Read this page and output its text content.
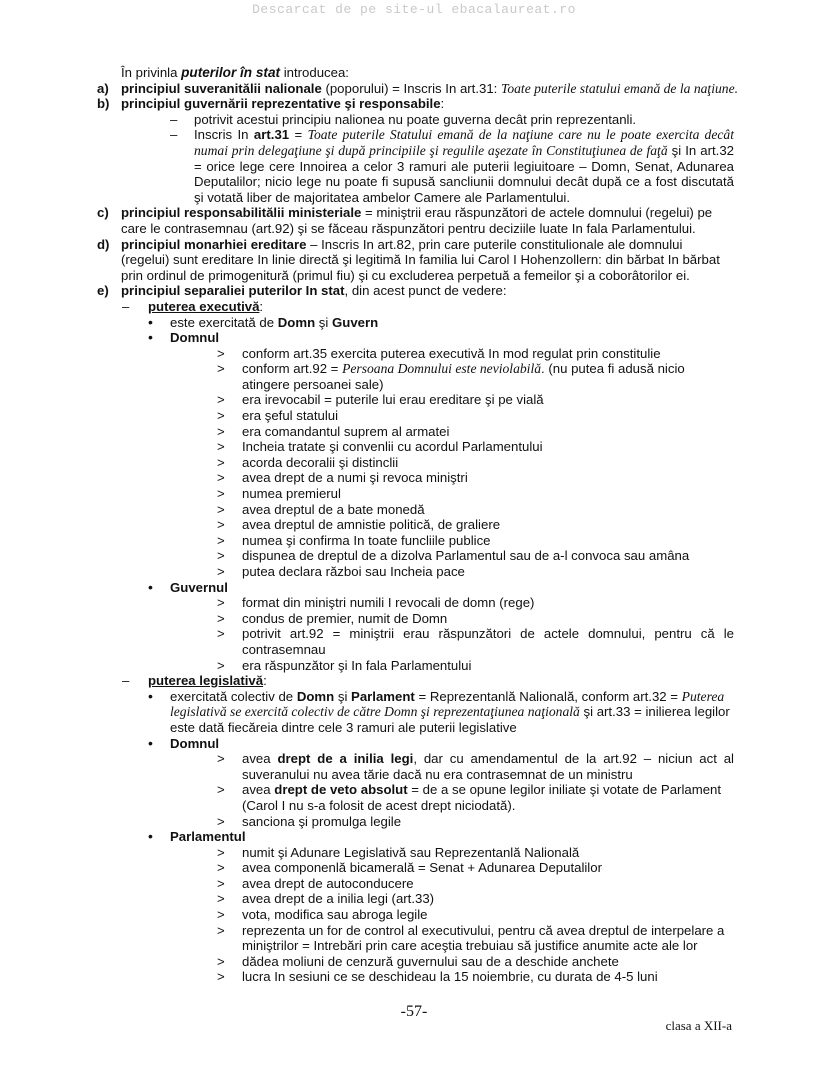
Descarcat de pe site-ul ebacalaureat.ro
În privinla puterilor în stat introducea:
a) principiul suveranitălii nalionale (poporului) = Inscris In art.31: Toate puterile statului emană de la naţiune.
b) principiul guvernării reprezentative şi responsabile:
– potrivit acestui principiu nalionea nu poate guverna decât prin reprezentanli.
– Inscris In art.31 = Toate puterile Statului emană de la naţiune care nu le poate exercita decât numai prin delegaţiune şi după principiile şi regulile aşezate în Constituţiunea de faţă şi In art.32 = orice lege cere Innoirea a celor 3 ramuri ale puterii legiuitoare – Domn, Senat, Adunarea Deputalilor; nicio lege nu poate fi supusă sancliunii domnului decât după ce a fost discutată şi votată liber de majoritatea ambelor Camere ale Parlamentului.
c) principiul responsabilitălii ministeriale = miniştrii erau răspunzători de actele domnului (regelui) pe care le contrasemnau (art.92) şi se făceau răspunzători pentru deciziile luate In fala Parlamentului.
d) principiul monarhiei ereditare – Inscris In art.82, prin care puterile constitulionale ale domnului (regelui) sunt ereditare In linie directă şi legitimă In familia lui Carol I Hohenzollern: din bărbat In bărbat prin ordinul de primogenitură (primul fiu) şi cu excluderea perpetuă a femeilor şi a coborâtorilor ei.
e) principiul separaliei puterilor In stat, din acest punct de vedere:
– puterea executivă:
• este exercitată de Domn şi Guvern
• Domnul
> conform art.35 exercita puterea executivă In mod regulat prin constitulie
> conform art.92 = Persoana Domnului este neviolabilă. (nu putea fi adusă nicio atingere persoanei sale)
> era irevocabil = puterile lui erau ereditare şi pe vială
> era şeful statului
> era comandantul suprem al armatei
> Incheia tratate şi convenlii cu acordul Parlamentului
> acorda decoralii şi distinclii
> avea drept de a numi şi revoca miniştri
> numea premierul
> avea dreptul de a bate monedă
> avea dreptul de amnistie politică, de graliere
> numea şi confirma In toate funcliile publice
> dispunea de dreptul de a dizolva Parlamentul sau de a-l convoca sau amâna
> putea declara război sau Incheia pace
• Guvernul
> format din miniştri numili I revocali de domn (rege)
> condus de premier, numit de Domn
> potrivit art.92 = miniştrii erau răspunzători de actele domnului, pentru că le contrasemnau
> era răspunzător şi In fala Parlamentului
– puterea legislativă:
• exercitată colectiv de Domn şi Parlament = Reprezentanlă Nalională, conform art.32 = Puterea legislativă se exercită colectiv de către Domn şi reprezentaţiunea naţională şi art.33 = inilierea legilor este dată fiecăreia dintre cele 3 ramuri ale puterii legislative
• Domnul
> avea drept de a inilia legi, dar cu amendamentul de la art.92 – niciun act al suveranului nu avea tărie dacă nu era contrasemnat de un ministru
> avea drept de veto absolut = de a se opune legilor iniliate şi votate de Parlament (Carol I nu s-a folosit de acest drept niciodată).
> sanciona şi promulga legile
• Parlamentul
> numit şi Adunare Legislativă sau Reprezentanlă Nalională
> avea componenlă bicamerală = Senat + Adunarea Deputalilor
> avea drept de autoconducere
> avea drept de a inilia legi (art.33)
> vota, modifica sau abroga legile
> reprezenta un for de control al executivului, pentru că avea dreptul de interpelare a miniştrilor = Intrebări prin care aceştia trebuiau să justifice anumite acte ale lor
> dădea moliuni de cenzură guvernului sau de a deschide anchete
> lucra In sesiuni ce se deschideau la 15 noiembrie, cu durata de 4-5 luni
-57-
clasa a XII-a
